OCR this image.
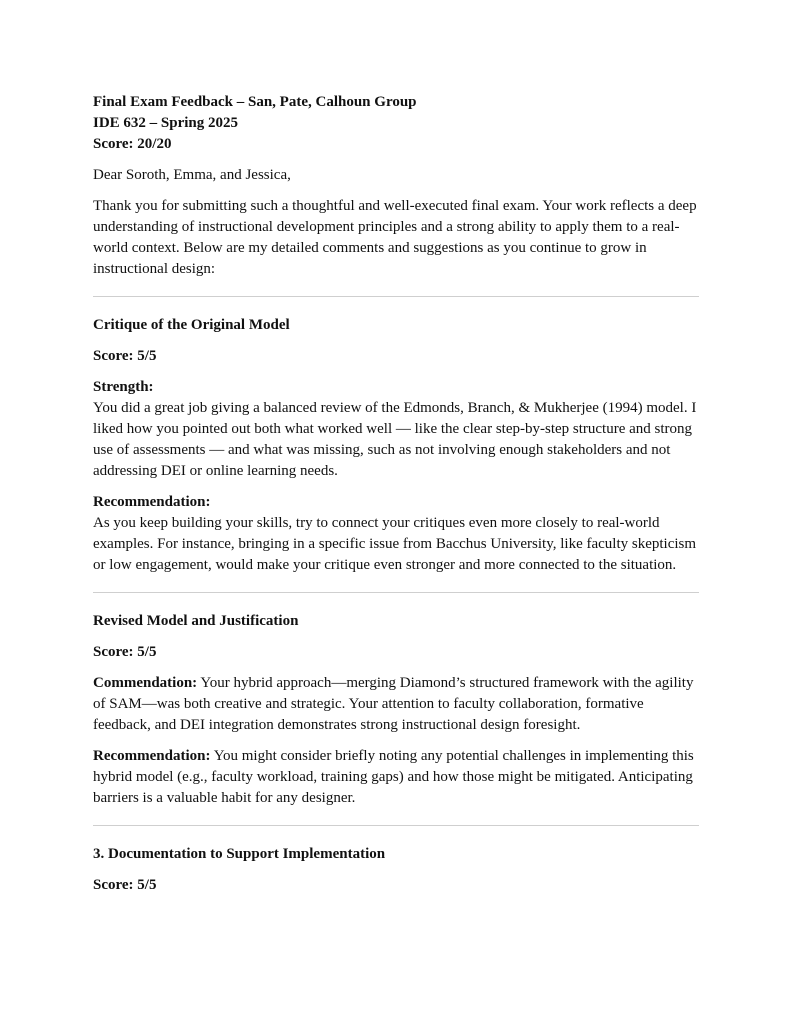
Final Exam Feedback – San, Pate, Calhoun Group
IDE 632 – Spring 2025
Score: 20/20

Dear Soroth, Emma, and Jessica,

Thank you for submitting such a thoughtful and well-executed final exam. Your work reflects a deep understanding of instructional development principles and a strong ability to apply them to a real-world context. Below are my detailed comments and suggestions as you continue to grow in instructional design:

Critique of the Original Model

Score: 5/5

Strength:
You did a great job giving a balanced review of the Edmonds, Branch, & Mukherjee (1994) model. I liked how you pointed out both what worked well — like the clear step-by-step structure and strong use of assessments — and what was missing, such as not involving enough stakeholders and not addressing DEI or online learning needs.

Recommendation:
As you keep building your skills, try to connect your critiques even more closely to real-world examples. For instance, bringing in a specific issue from Bacchus University, like faculty skepticism or low engagement, would make your critique even stronger and more connected to the situation.

Revised Model and Justification

Score: 5/5

Commendation: Your hybrid approach—merging Diamond’s structured framework with the agility of SAM—was both creative and strategic. Your attention to faculty collaboration, formative feedback, and DEI integration demonstrates strong instructional design foresight.

Recommendation: You might consider briefly noting any potential challenges in implementing this hybrid model (e.g., faculty workload, training gaps) and how those might be mitigated. Anticipating barriers is a valuable habit for any designer.

3. Documentation to Support Implementation

Score: 5/5
